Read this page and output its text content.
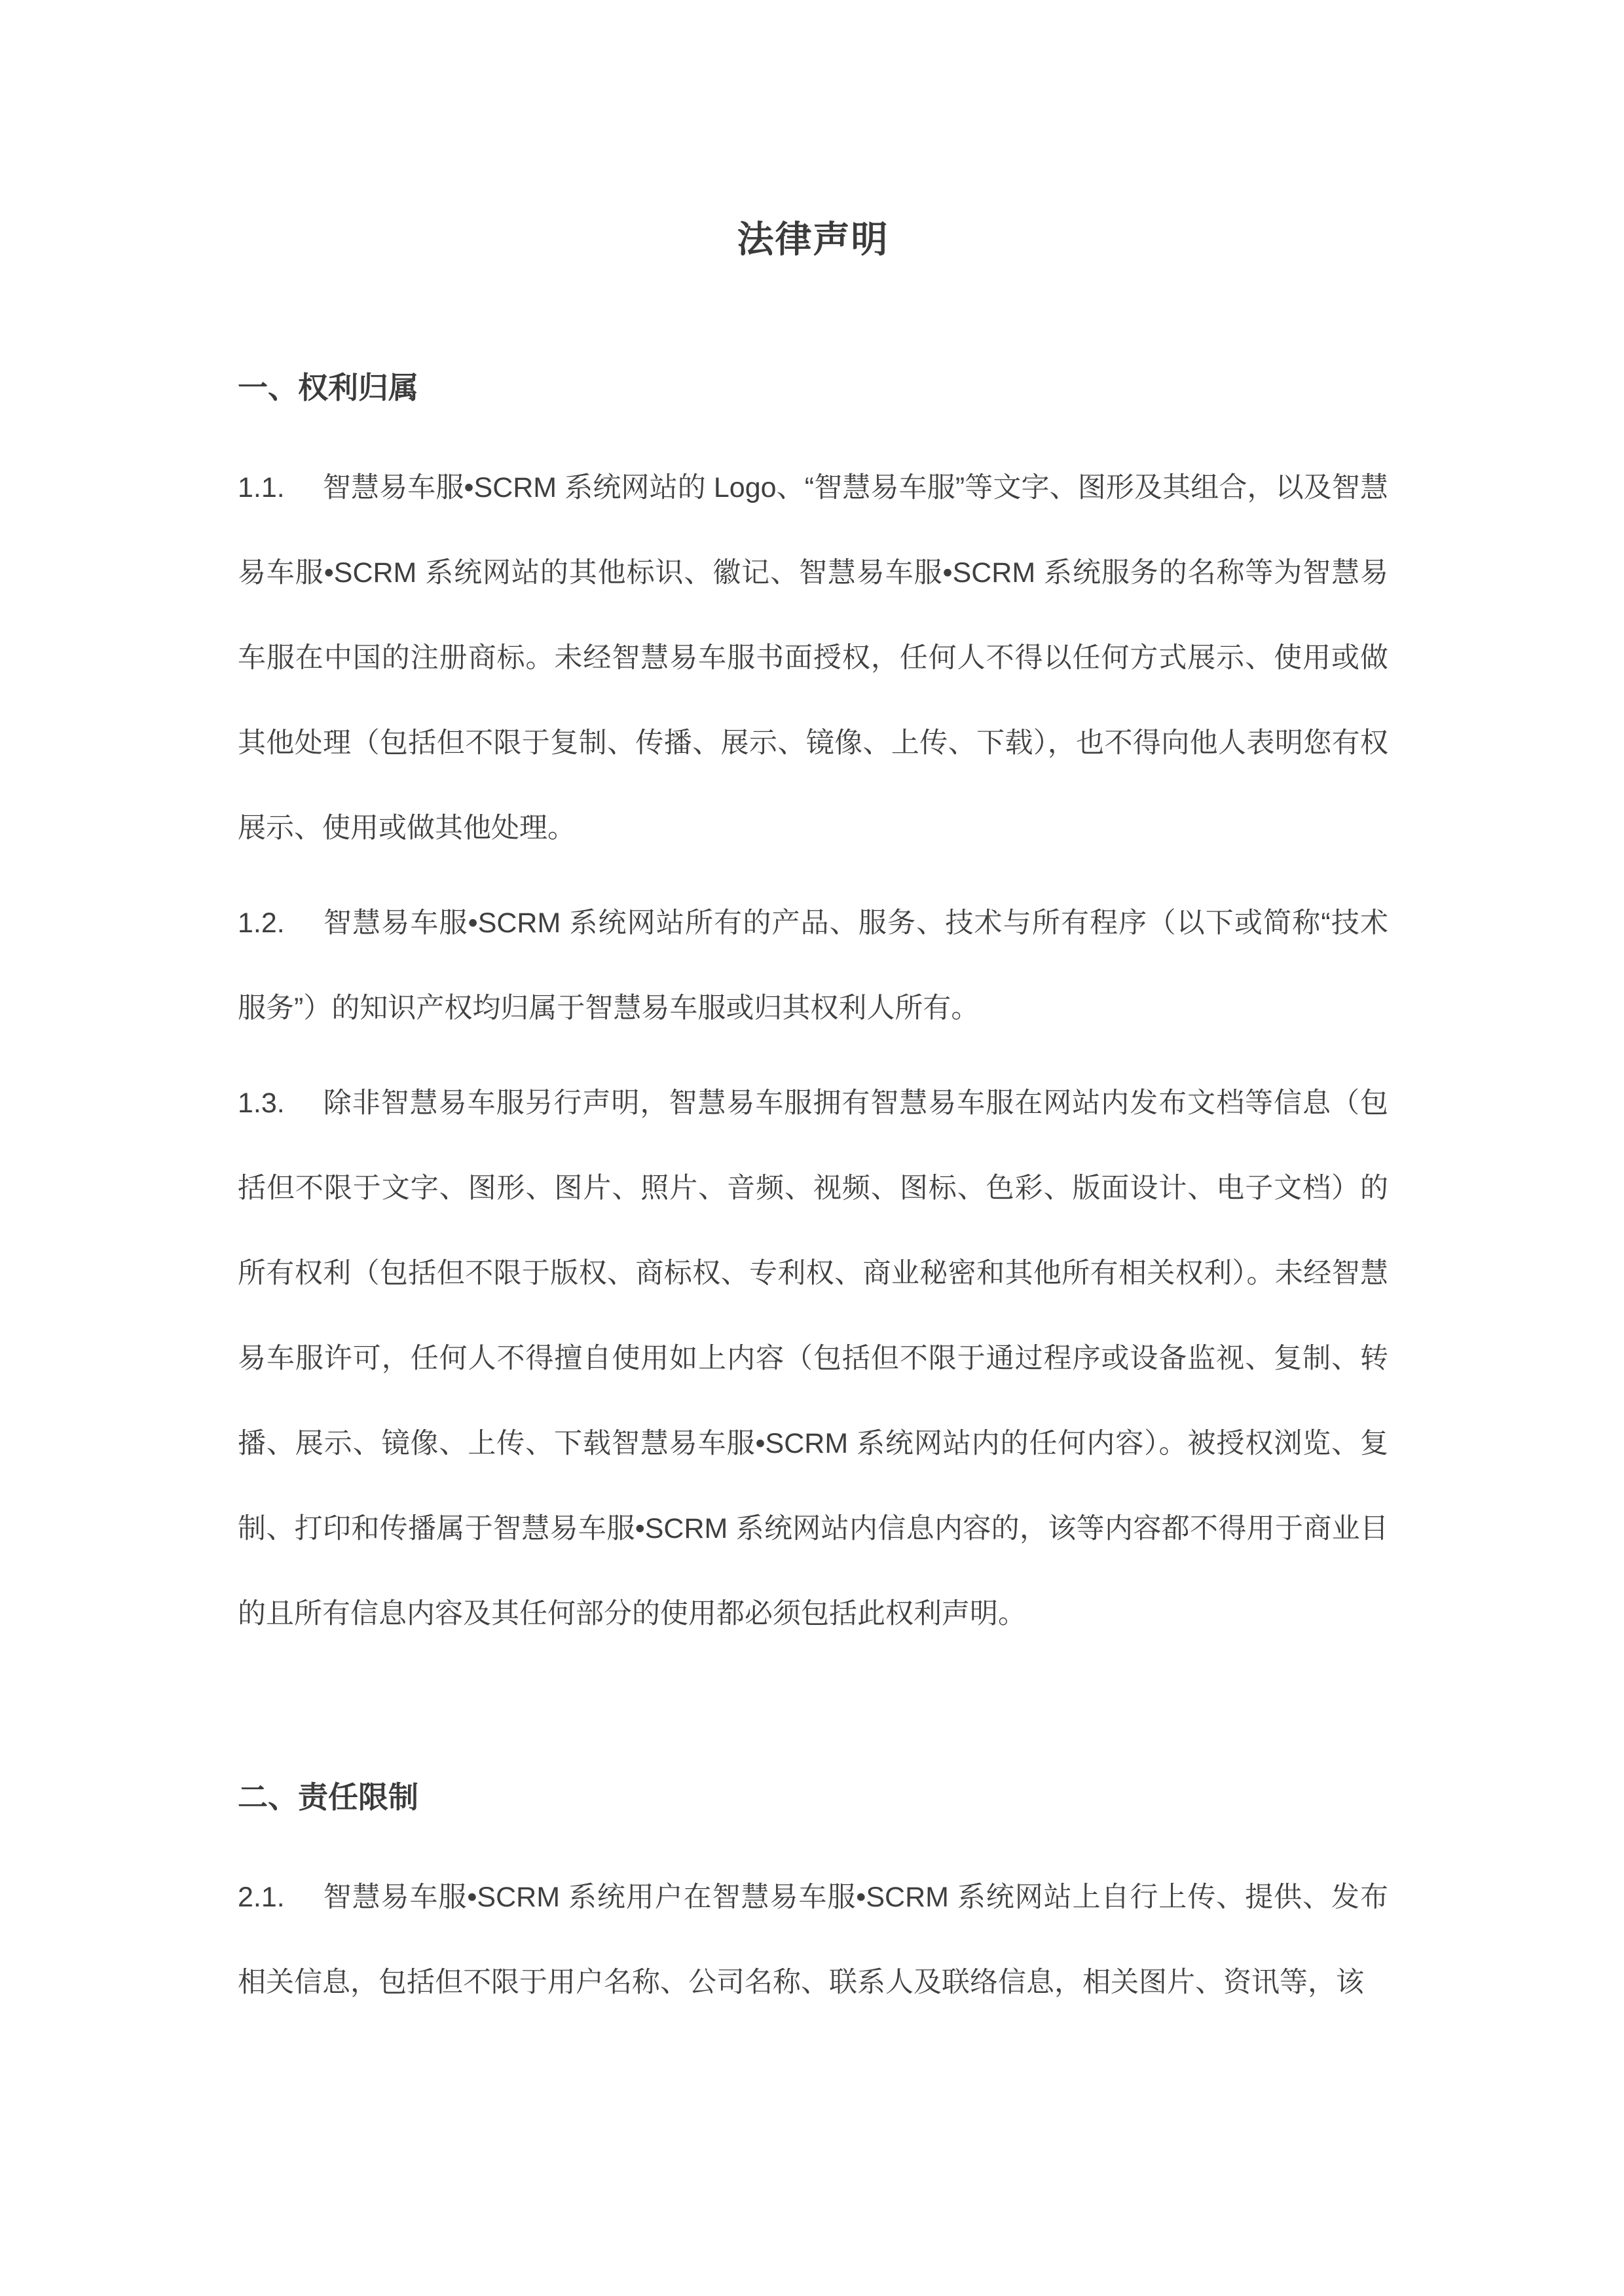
法律声明
一、权利归属

1.1. 智慧易车服•SCRM 系统网站的 Logo、“智慧易车服”等文字、图形及其组合，以及智慧易车服•SCRM 系统网站的其他标识、徽记、智慧易车服•SCRM 系统服务的名称等为智慧易车服在中国的注册商标。未经智慧易车服书面授权，任何人不得以任何方式展示、使用或做其他处理（包括但不限于复制、传播、展示、镜像、上传、下载），也不得向他人表明您有权展示、使用或做其他处理。

1.2. 智慧易车服•SCRM 系统网站所有的产品、服务、技术与所有程序（以下或简称“技术服务”）的知识产权均归属于智慧易车服或归其权利人所有。

1.3. 除非智慧易车服另行声明，智慧易车服拥有智慧易车服在网站内发布文档等信息（包括但不限于文字、图形、图片、照片、音频、视频、图标、色彩、版面设计、电子文档）的所有权利（包括但不限于版权、商标权、专利权、商业秘密和其他所有相关权利）。未经智慧易车服许可，任何人不得擅自使用如上内容（包括但不限于通过程序或设备监视、复制、转播、展示、镜像、上传、下载智慧易车服•SCRM 系统网站内的任何内容）。被授权浏览、复制、打印和传播属于智慧易车服•SCRM 系统网站内信息内容的，该等内容都不得用于商业目的且所有信息内容及其任何部分的使用都必须包括此权利声明。

二、责任限制

2.1. 智慧易车服•SCRM 系统用户在智慧易车服•SCRM 系统网站上自行上传、提供、发布相关信息，包括但不限于用户名称、公司名称、联系人及联络信息，相关图片、资讯等，该
